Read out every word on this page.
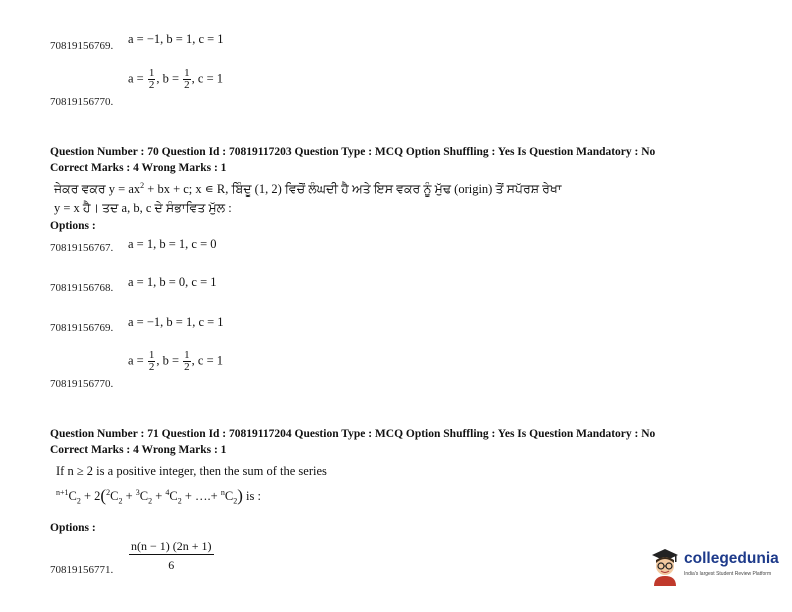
70819156769. a = −1, b = 1, c = 1
$a = \frac{1}{2}$ , $b = \frac{1}{2}$ , c = 1
70819156770.
Question Number : 70 Question Id : 70819117203 Question Type : MCQ Option Shuffling : Yes Is Question Mandatory : No
Correct Marks : 4 Wrong Marks : 1
ਜੇਕਰ ਵਕਰ $y = ax^2$ + bx + c; x ∊ R, ਬਿੰਦੂ (1, 2) ਵਿਚੋਂ ਲੰਘਦੀ ਹੈ ਅਤੇ ਇਸ ਵਕਰ ਨੂੰ ਮੁੱਢ (origin) ਤੋਂ ਸਪੱਰਸ਼ ਰੇਖਾ
y = x ਹੈ। ਤਦ a, b, c ਦੇ ਸੰਭਾਵਿਤ ਮੁੱਲ :
Options :
70819156767. a = 1, b = 1, c = 0
70819156768. a = 1, b = 0, c = 1
70819156769. a = −1, b = 1, c = 1
$a = \frac{1}{2}$ , $b = \frac{1}{2}$ , c = 1
70819156770.
Question Number : 71 Question Id : 70819117204 Question Type : MCQ Option Shuffling : Yes Is Question Mandatory : No
Correct Marks : 4 Wrong Marks : 1
If n ≥ 2 is a positive integer, then the sum of the series
$^{n+1}C_2 + 2(^2C_2 + ^3C_2 + ^4C_2$ + ….+ $^nC_2$) is :
Options :
$\frac{n(n - 1) (2n + 1)}{6}$
70819156771.
collegedunia
India's largest Student Review Platform
